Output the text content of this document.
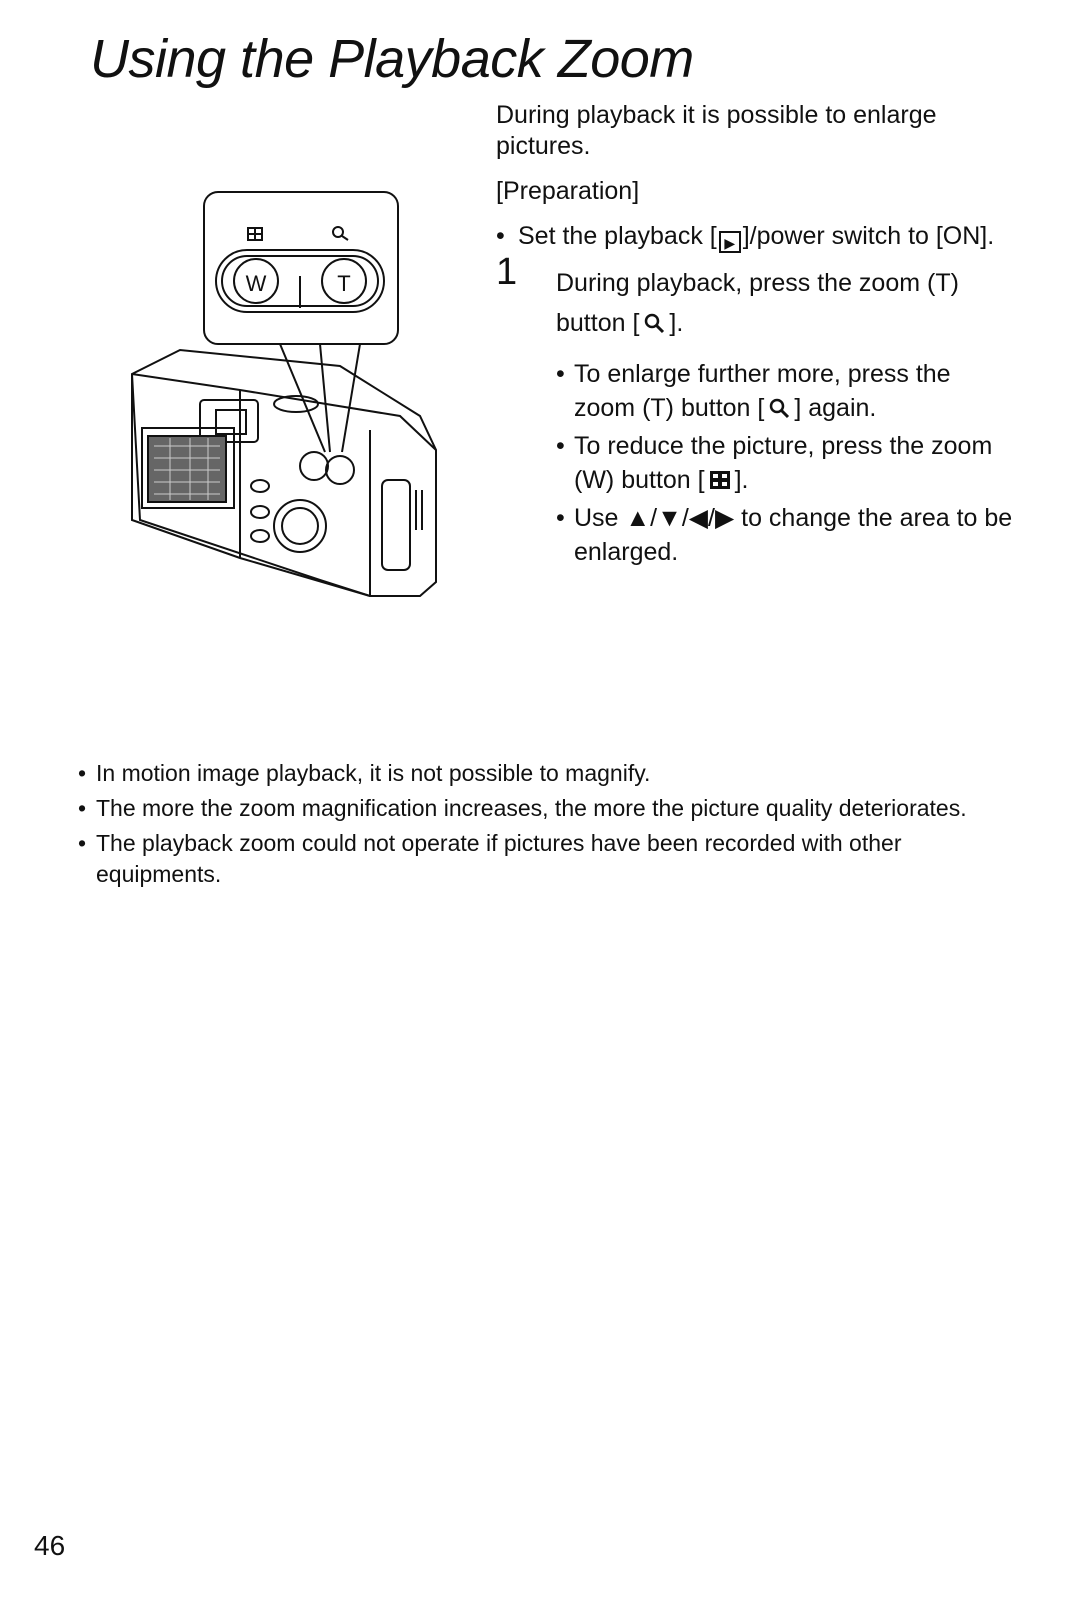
Using the Playback Zoom
W	T

During playback it is possible to enlarge pictures.

[Preparation]

• Set the playback [ ▶ ]/power switch to [ON].
1 During playback, press the zoom (T) button [ ].

• To enlarge further more, press the zoom (T) button [ ] again.
• To reduce the picture, press the zoom (W) button [ ].
• Use ▲/▼/◀/▶ to change the area to be enlarged.
• In motion image playback, it is not possible to magnify.
• The more the zoom magnification increases, the more the picture quality deteriorates.
• The playback zoom could not operate if pictures have been recorded with other equipments.
46
